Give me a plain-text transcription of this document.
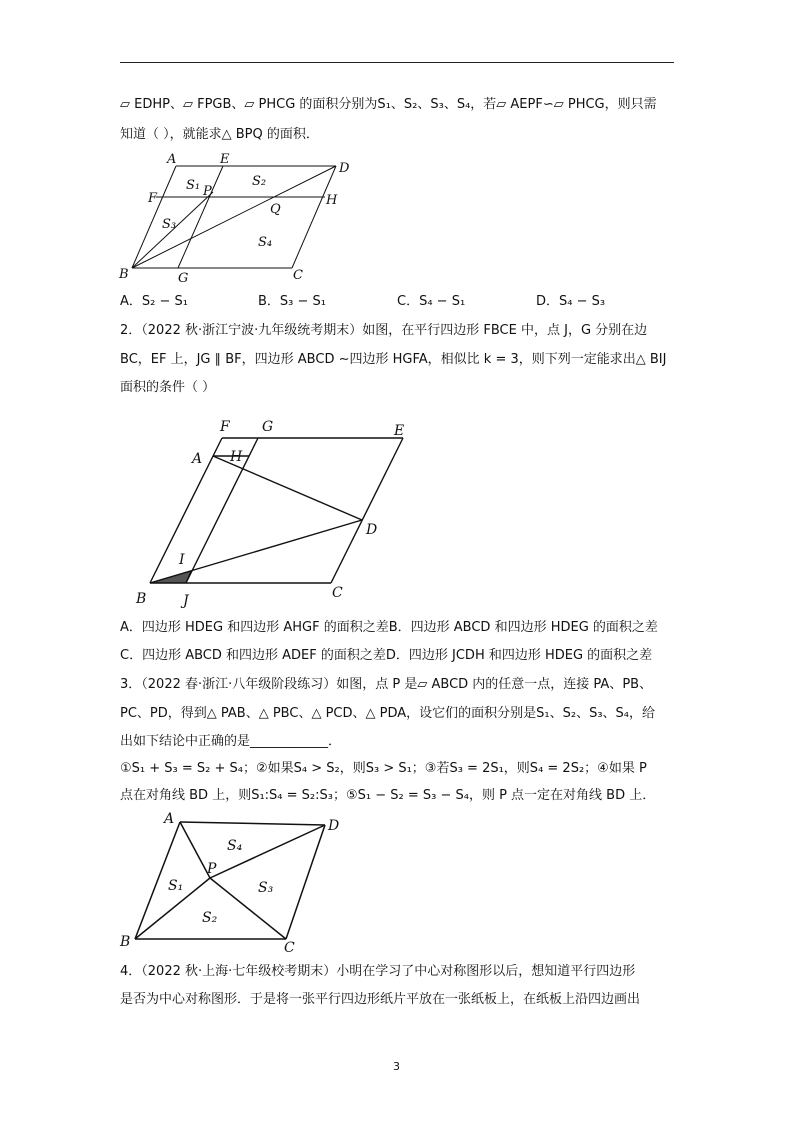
▱ EDHP、▱ FPGB、▱ PHCG 的面积分别为S₁、S₂、S₃、S₄，若▱ AEPF∽▱ PHCG，则只需
知道（ ），就能求△ BPQ 的面积．
A	E
D
F	P
Q
H
B	G	C
S₁	S₂
S₃
S₄
A．S₂ − S₁	B．S₃ − S₁	C．S₄ − S₁	D．S₄ − S₃
2．（2022 秋·浙江宁波·九年级统考期末）如图，在平行四边形 FBCE 中，点 J，G 分别在边
BC，EF 上，JG ∥ BF，四边形 ABCD ∼四边形 HGFA，相似比 k = 3，则下列一定能求出△ BIJ
面积的条件（ ）
F G	E
A H
D
I
B	J	C
A．四边形 HDEG 和四边形 AHGF 的面积之差B．四边形 ABCD 和四边形 HDEG 的面积之差
C．四边形 ABCD 和四边形 ADEF 的面积之差D．四边形 JCDH 和四边形 HDEG 的面积之差
3．（2022 春·浙江·八年级阶段练习）如图，点 P 是▱ ABCD 内的任意一点，连接 PA、PB、
PC、PD，得到△ PAB、△ PBC、△ PCD、△ PDA，设它们的面积分别是S₁、S₂、S₃、S₄，给
出如下结论中正确的是____________．
①S₁ + S₃ = S₂ + S₄；②如果S₄ > S₂，则S₃ > S₁；③若S₃ = 2S₁，则S₄ = 2S₂；④如果 P
点在对角线 BD 上，则S₁:S₄ = S₂:S₃；⑤S₁ − S₂ = S₃ − S₄，则 P 点一定在对角线 BD 上．
A	D
P
B	C
S₁
S₂
S₃
S₄
4．（2022 秋·上海·七年级校考期末）小明在学习了中心对称图形以后，想知道平行四边形
是否为中心对称图形．于是将一张平行四边形纸片平放在一张纸板上，在纸板上沿四边画出
3
